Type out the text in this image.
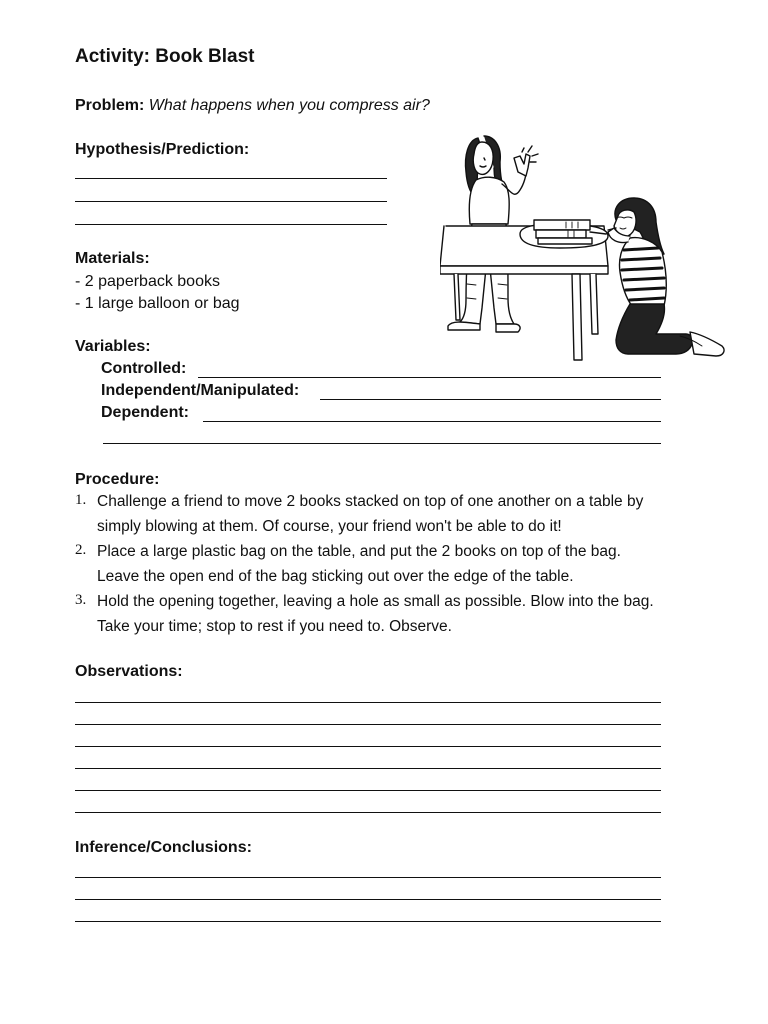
Activity: Book Blast
Problem: What happens when you compress air?
Hypothesis/Prediction:
Materials:
- 2 paperback books
- 1 large balloon or bag
Variables:
Controlled:
Independent/Manipulated:
Dependent:
Procedure:
1. Challenge a friend to move 2 books stacked on top of one another on a table by
simply blowing at them. Of course, your friend won't be able to do it!
2. Place a large plastic bag on the table, and put the 2 books on top of the bag.
Leave the open end of the bag sticking out over the edge of the table.
3. Hold the opening together, leaving a hole as small as possible. Blow into the bag.
Take your time; stop to rest if you need to. Observe.
Observations:
Inference/Conclusions:
